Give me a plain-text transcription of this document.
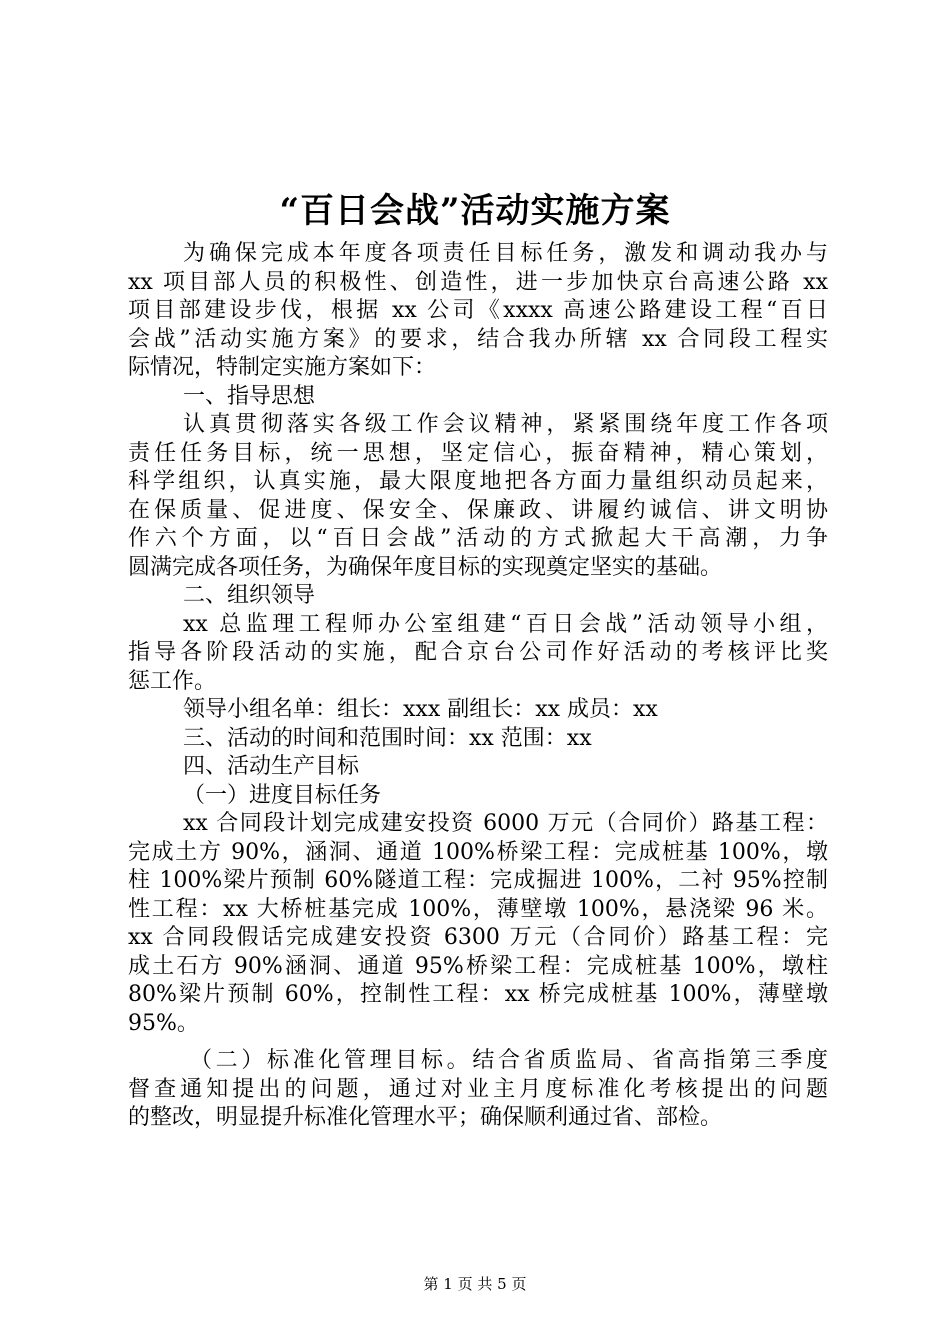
“百日会战”活动实施方案
为确保完成本年度各项责任目标任务，激发和调动我办与
xx 项目部人员的积极性、创造性，进一步加快京台高速公路 xx
项目部建设步伐，根据 xx 公司《xxxx 高速公路建设工程“百日
会战”活动实施方案》的要求，结合我办所辖 xx 合同段工程实
际情况，特制定实施方案如下：
一、指导思想
认真贯彻落实各级工作会议精神，紧紧围绕年度工作各项
责任任务目标，统一思想，坚定信心，振奋精神，精心策划，
科学组织，认真实施，最大限度地把各方面力量组织动员起来，
在保质量、促进度、保安全、保廉政、讲履约诚信、讲文明协
作六个方面，以“百日会战”活动的方式掀起大干高潮，力争
圆满完成各项任务，为确保年度目标的实现奠定坚实的基础。
二、组织领导
xx 总监理工程师办公室组建“百日会战”活动领导小组，
指导各阶段活动的实施，配合京台公司作好活动的考核评比奖
惩工作。
领导小组名单：组长：xxx 副组长：xx 成员：xx
三、活动的时间和范围时间：xx 范围：xx
四、活动生产目标
（一）进度目标任务
xx 合同段计划完成建安投资 6000 万元（合同价）路基工程：
完成土方 90%，涵洞、通道 100%桥梁工程：完成桩基 100%，墩
柱 100%梁片预制 60%隧道工程：完成掘进 100%，二衬 95%控制
性工程：xx 大桥桩基完成 100%，薄壁墩 100%，悬浇梁 96 米。
xx 合同段假话完成建安投资 6300 万元（合同价）路基工程：完
成土石方 90%涵洞、通道 95%桥梁工程：完成桩基 100%，墩柱
80%梁片预制 60%，控制性工程：xx 桥完成桩基 100%，薄壁墩
95%。
（二）标准化管理目标。结合省质监局、省高指第三季度
督查通知提出的问题，通过对业主月度标准化考核提出的问题
的整改，明显提升标准化管理水平；确保顺利通过省、部检。
第 1 页 共 5 页
